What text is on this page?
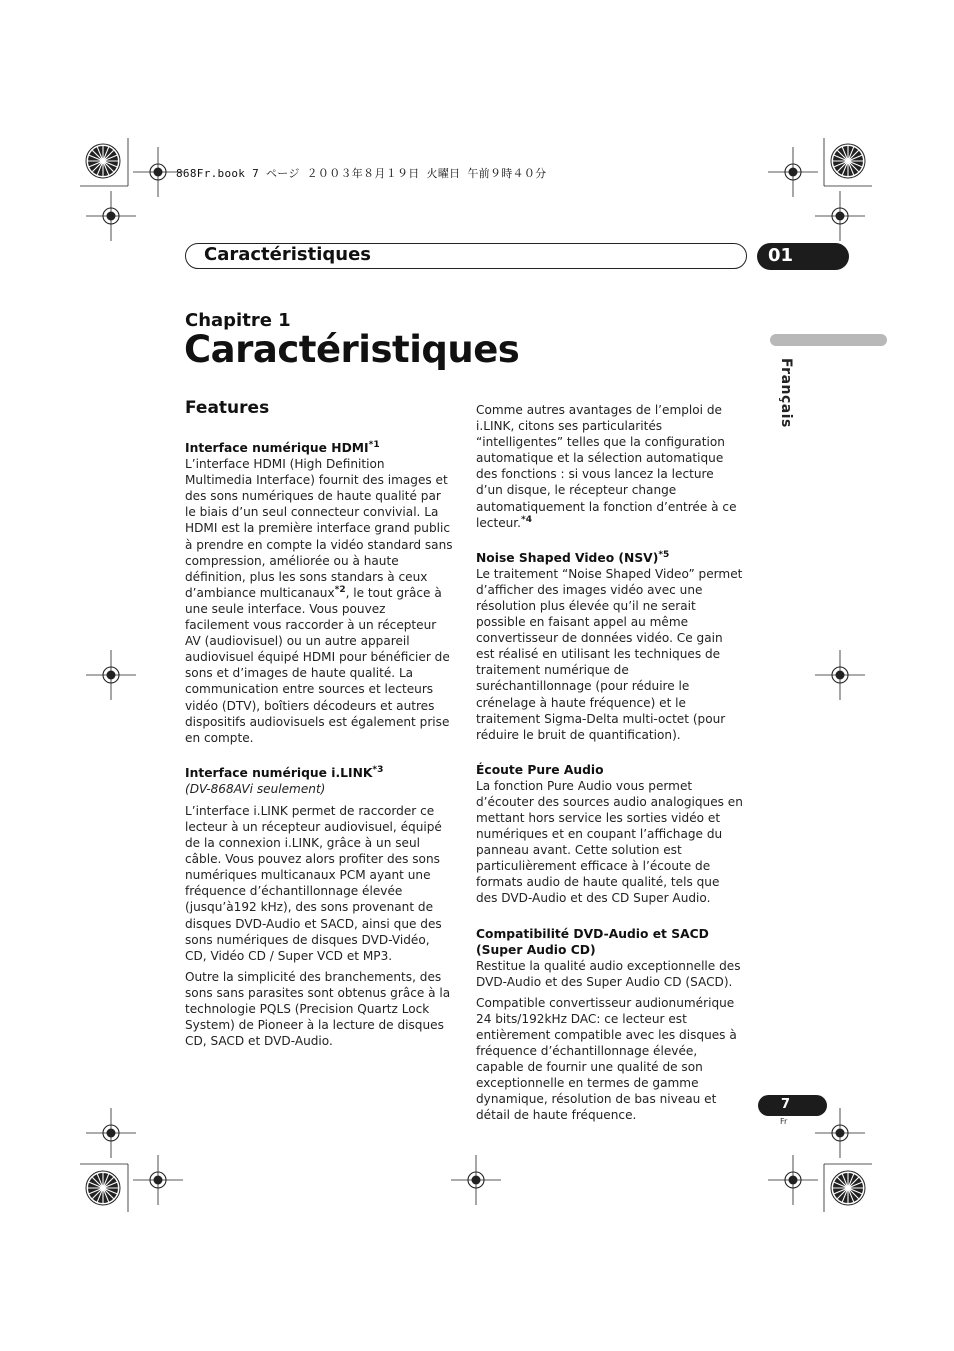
868Fr.book 7 ページ ２００３年８月１９日 火曜日 午前９時４０分
Caractéristiques	01
Français
Chapitre 1
Caractéristiques
Features

Interface numérique HDMI$^{*1}$

L’interface HDMI (High Definition Multimedia Interface) fournit des images et des sons numériques de haute qualité par le biais d’un seul connecteur convivial. La HDMI est la première interface grand public à prendre en compte la vidéo standard sans compression, améliorée ou à haute définition, plus les sons standars à ceux d’ambiance multicanaux$^{*2}$, le tout grâce à une seule interface. Vous pouvez facilement vous raccorder à un récepteur AV (audiovisuel) ou un autre appareil audiovisuel équipé HDMI pour bénéficier de sons et d’images de haute qualité. La communication entre sources et lecteurs vidéo (DTV), boîtiers décodeurs et autres dispositifs audiovisuels est également prise en compte.

Interface numérique i.LINK$^{*3}$

(DV-868AVi seulement)

L’interface i.LINK permet de raccorder ce lecteur à un récepteur audiovisuel, équipé de la connexion i.LINK, grâce à un seul câble. Vous pouvez alors profiter des sons numériques multicanaux PCM ayant une fréquence d’échantillonnage élevée (jusqu’à192 kHz), des sons provenant de disques DVD-Audio et SACD, ainsi que des sons numériques de disques DVD-Vidéo, CD, Vidéo CD / Super VCD et MP3.

Outre la simplicité des branchements, des sons sans parasites sont obtenus grâce à la technologie PQLS (Precision Quartz Lock System) de Pioneer à la lecture de disques CD, SACD et DVD-Audio.

Comme autres avantages de l’emploi de i.LINK, citons ses particularités “intelligentes” telles que la configuration automatique et la sélection automatique des fonctions : si vous lancez la lecture d’un disque, le récepteur change automatiquement la fonction d’entrée à ce lecteur.$^{*4}$

Noise Shaped Video (NSV)$^{*5}$

Le traitement “Noise Shaped Video” permet d’afficher des images vidéo avec une résolution plus élevée qu’il ne serait possible en faisant appel au même convertisseur de données vidéo. Ce gain est réalisé en utilisant les techniques de traitement numérique de suréchantillonnage (pour réduire le crénelage à haute fréquence) et le traitement Sigma-Delta multi-octet (pour réduire le bruit de quantification).

Écoute Pure Audio

La fonction Pure Audio vous permet d’écouter des sources audio analogiques en mettant hors service les sorties vidéo et numériques et en coupant l’affichage du panneau avant. Cette solution est particulièrement efficace à l’écoute de formats audio de haute qualité, tels que des DVD-Audio et des CD Super Audio.

Compatibilité DVD-Audio et SACD (Super Audio CD)

Restitue la qualité audio exceptionnelle des DVD-Audio et des Super Audio CD (SACD).

Compatible convertisseur audionumérique 24 bits/192kHz DAC: ce lecteur est entièrement compatible avec les disques à fréquence d’échantillonnage élevée, capable de fournir une qualité de son exceptionnelle en termes de gamme dynamique, résolution de bas niveau et détail de haute fréquence.

7
Fr
